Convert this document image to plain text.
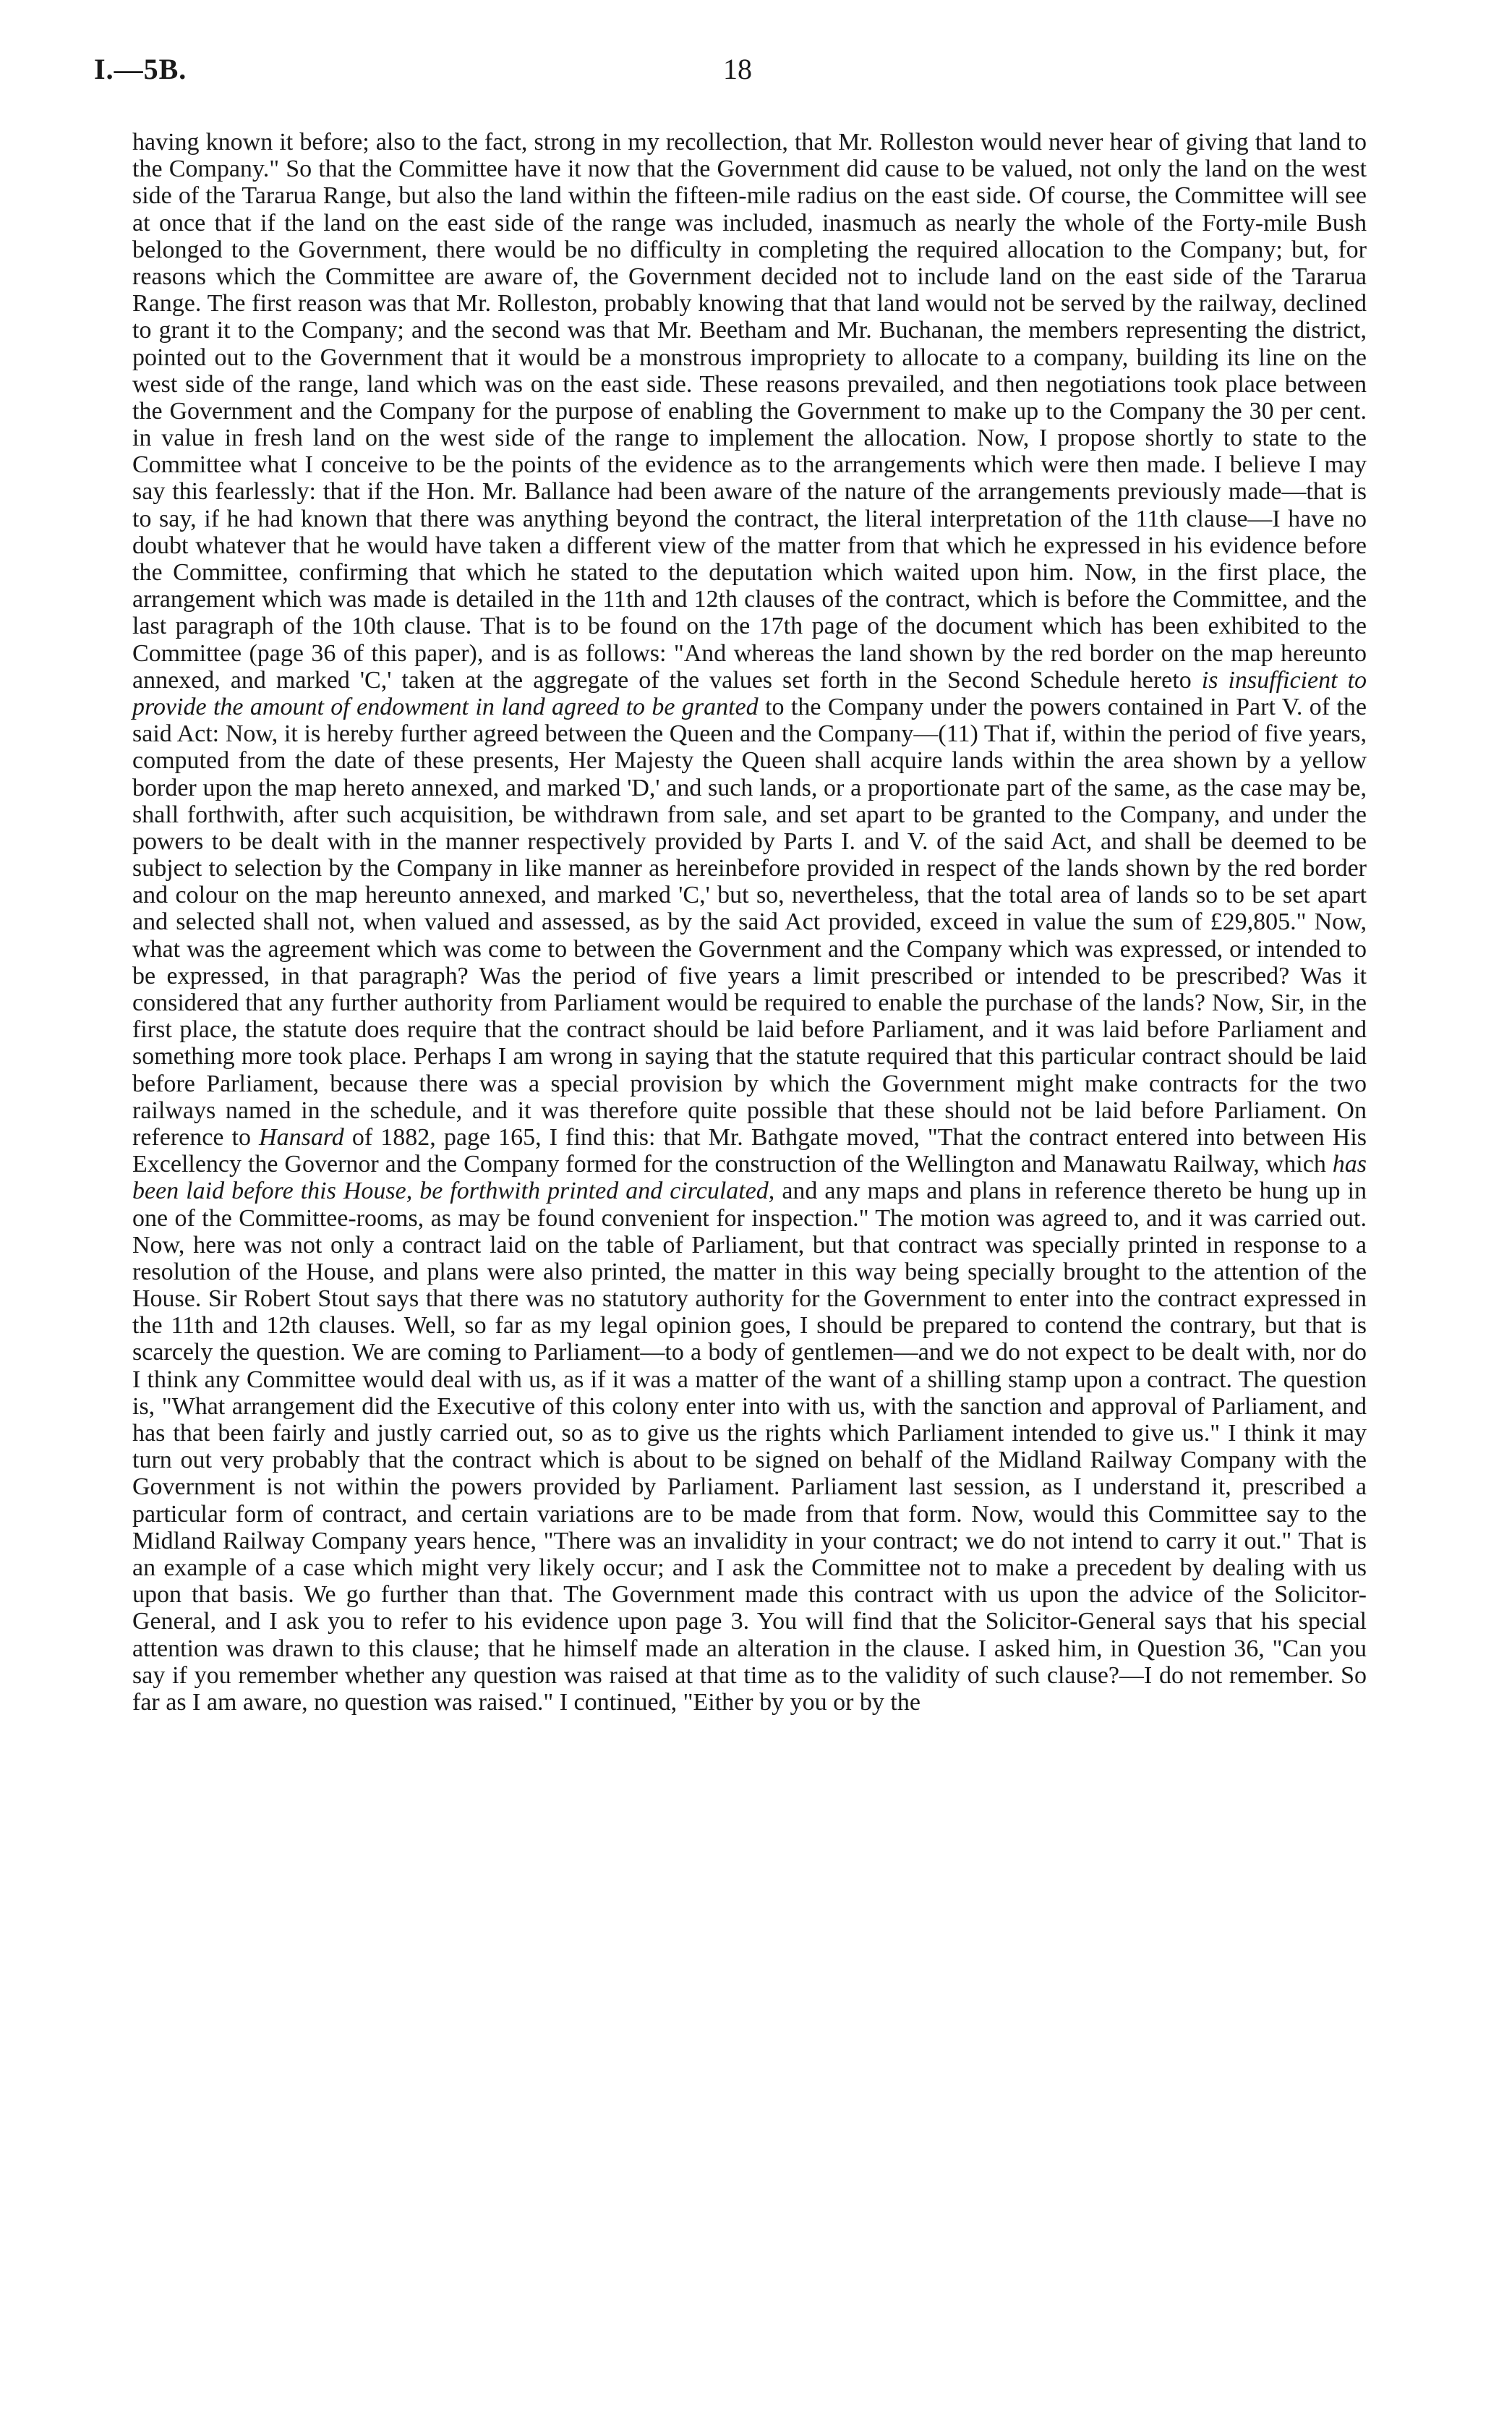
I.—5B.	18

having known it before; also to the fact, strong in my recollection, that Mr. Rolleston would never hear of giving that land to the Company." So that the Committee have it now that the Government did cause to be valued, not only the land on the west side of the Tararua Range, but also the land within the fifteen-mile radius on the east side. Of course, the Committee will see at once that if the land on the east side of the range was included, inasmuch as nearly the whole of the Forty-mile Bush belonged to the Government, there would be no difficulty in completing the required allocation to the Company; but, for reasons which the Committee are aware of, the Government decided not to include land on the east side of the Tararua Range. The first reason was that Mr. Rolleston, probably knowing that that land would not be served by the railway, declined to grant it to the Company; and the second was that Mr. Beetham and Mr. Buchanan, the members representing the district, pointed out to the Government that it would be a monstrous impropriety to allocate to a company, building its line on the west side of the range, land which was on the east side. These reasons prevailed, and then negotiations took place between the Government and the Company for the purpose of enabling the Government to make up to the Company the 30 per cent. in value in fresh land on the west side of the range to implement the allocation. Now, I propose shortly to state to the Committee what I conceive to be the points of the evidence as to the arrangements which were then made. I believe I may say this fearlessly: that if the Hon. Mr. Ballance had been aware of the nature of the arrangements previously made—that is to say, if he had known that there was anything beyond the contract, the literal interpretation of the 11th clause—I have no doubt whatever that he would have taken a different view of the matter from that which he expressed in his evidence before the Committee, confirming that which he stated to the deputation which waited upon him. Now, in the first place, the arrangement which was made is detailed in the 11th and 12th clauses of the contract, which is before the Committee, and the last paragraph of the 10th clause. That is to be found on the 17th page of the document which has been exhibited to the Committee (page 36 of this paper), and is as follows: "And whereas the land shown by the red border on the map hereunto annexed, and marked 'C,' taken at the aggregate of the values set forth in the Second Schedule hereto is insufficient to provide the amount of endowment in land agreed to be granted to the Company under the powers contained in Part V. of the said Act: Now, it is hereby further agreed between the Queen and the Company—(11) That if, within the period of five years, computed from the date of these presents, Her Majesty the Queen shall acquire lands within the area shown by a yellow border upon the map hereto annexed, and marked 'D,' and such lands, or a proportionate part of the same, as the case may be, shall forthwith, after such acquisition, be withdrawn from sale, and set apart to be granted to the Company, and under the powers to be dealt with in the manner respectively provided by Parts I. and V. of the said Act, and shall be deemed to be subject to selection by the Company in like manner as hereinbefore provided in respect of the lands shown by the red border and colour on the map hereunto annexed, and marked 'C,' but so, nevertheless, that the total area of lands so to be set apart and selected shall not, when valued and assessed, as by the said Act provided, exceed in value the sum of £29,805." Now, what was the agreement which was come to between the Government and the Company which was expressed, or intended to be expressed, in that paragraph? Was the period of five years a limit prescribed or intended to be prescribed? Was it considered that any further authority from Parliament would be required to enable the purchase of the lands? Now, Sir, in the first place, the statute does require that the contract should be laid before Parliament, and it was laid before Parliament and something more took place. Perhaps I am wrong in saying that the statute required that this particular contract should be laid before Parliament, because there was a special provision by which the Government might make contracts for the two railways named in the schedule, and it was therefore quite possible that these should not be laid before Parliament. On reference to Hansard of 1882, page 165, I find this: that Mr. Bathgate moved, "That the contract entered into between His Excellency the Governor and the Company formed for the construction of the Wellington and Manawatu Railway, which has been laid before this House, be forthwith printed and circulated, and any maps and plans in reference thereto be hung up in one of the Committee-rooms, as may be found convenient for inspection." The motion was agreed to, and it was carried out. Now, here was not only a contract laid on the table of Parliament, but that contract was specially printed in response to a resolution of the House, and plans were also printed, the matter in this way being specially brought to the attention of the House. Sir Robert Stout says that there was no statutory authority for the Government to enter into the contract expressed in the 11th and 12th clauses. Well, so far as my legal opinion goes, I should be prepared to contend the contrary, but that is scarcely the question. We are coming to Parliament—to a body of gentlemen—and we do not expect to be dealt with, nor do I think any Committee would deal with us, as if it was a matter of the want of a shilling stamp upon a contract. The question is, "What arrangement did the Executive of this colony enter into with us, with the sanction and approval of Parliament, and has that been fairly and justly carried out, so as to give us the rights which Parliament intended to give us." I think it may turn out very probably that the contract which is about to be signed on behalf of the Midland Railway Company with the Government is not within the powers provided by Parliament. Parliament last session, as I understand it, prescribed a particular form of contract, and certain variations are to be made from that form. Now, would this Committee say to the Midland Railway Company years hence, "There was an invalidity in your contract; we do not intend to carry it out." That is an example of a case which might very likely occur; and I ask the Committee not to make a precedent by dealing with us upon that basis. We go further than that. The Government made this contract with us upon the advice of the Solicitor-General, and I ask you to refer to his evidence upon page 3. You will find that the Solicitor-General says that his special attention was drawn to this clause; that he himself made an alteration in the clause. I asked him, in Question 36, "Can you say if you remember whether any question was raised at that time as to the validity of such clause?—I do not remember. So far as I am aware, no question was raised." I continued, "Either by you or by the
